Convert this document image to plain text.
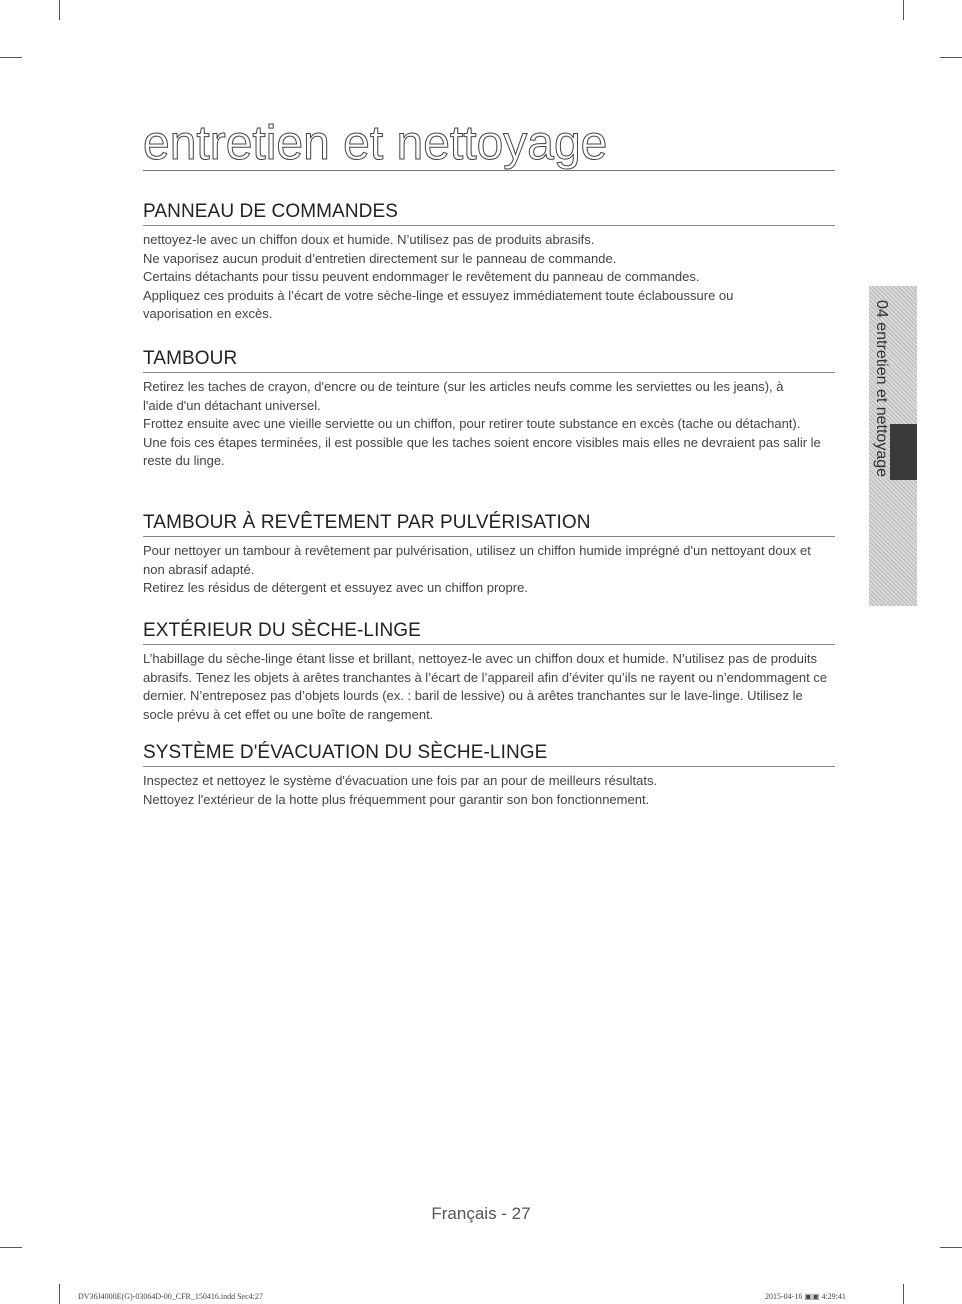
entretien et nettoyage
PANNEAU DE COMMANDES

nettoyez-le avec un chiffon doux et humide. N’utilisez pas de produits abrasifs.

Ne vaporisez aucun produit d’entretien directement sur le panneau de commande.

Certains détachants pour tissu peuvent endommager le revêtement du panneau de commandes.

Appliquez ces produits à l’écart de votre sèche-linge et essuyez immédiatement toute éclaboussure ou vaporisation en excès.

TAMBOUR

Retirez les taches de crayon, d'encre ou de teinture (sur les articles neufs comme les serviettes ou les jeans), à l'aide d'un détachant universel.

Frottez ensuite avec une vieille serviette ou un chiffon, pour retirer toute substance en excès (tache ou détachant).

Une fois ces étapes terminées, il est possible que les taches soient encore visibles mais elles ne devraient pas salir le reste du linge.

TAMBOUR À REVÊTEMENT PAR PULVÉRISATION

Pour nettoyer un tambour à revêtement par pulvérisation, utilisez un chiffon humide imprégné d'un nettoyant doux et non abrasif adapté.

Retirez les résidus de détergent et essuyez avec un chiffon propre.

EXTÉRIEUR DU SÈCHE-LINGE

L’habillage du sèche-linge étant lisse et brillant, nettoyez-le avec un chiffon doux et humide. N’utilisez pas de produits abrasifs. Tenez les objets à arêtes tranchantes à l’écart de l’appareil afin d’éviter qu’ils ne rayent ou n’endommagent ce dernier. N’entreposez pas d’objets lourds (ex. : baril de lessive) ou à arêtes tranchantes sur le lave-linge. Utilisez le socle prévu à cet effet ou une boîte de rangement.

SYSTÈME D'ÉVACUATION DU SÈCHE-LINGE

Inspectez et nettoyez le système d'évacuation une fois par an pour de meilleurs résultats.

Nettoyez l'extérieur de la hotte plus fréquemment pour garantir son bon fonctionnement.

04 entretien et nettoyage
Français - 27
DV36J4000E(G)-03064D-00_CFR_150416.indd Sec4:27	2015-04-16 ▣▣ 4:29:41
